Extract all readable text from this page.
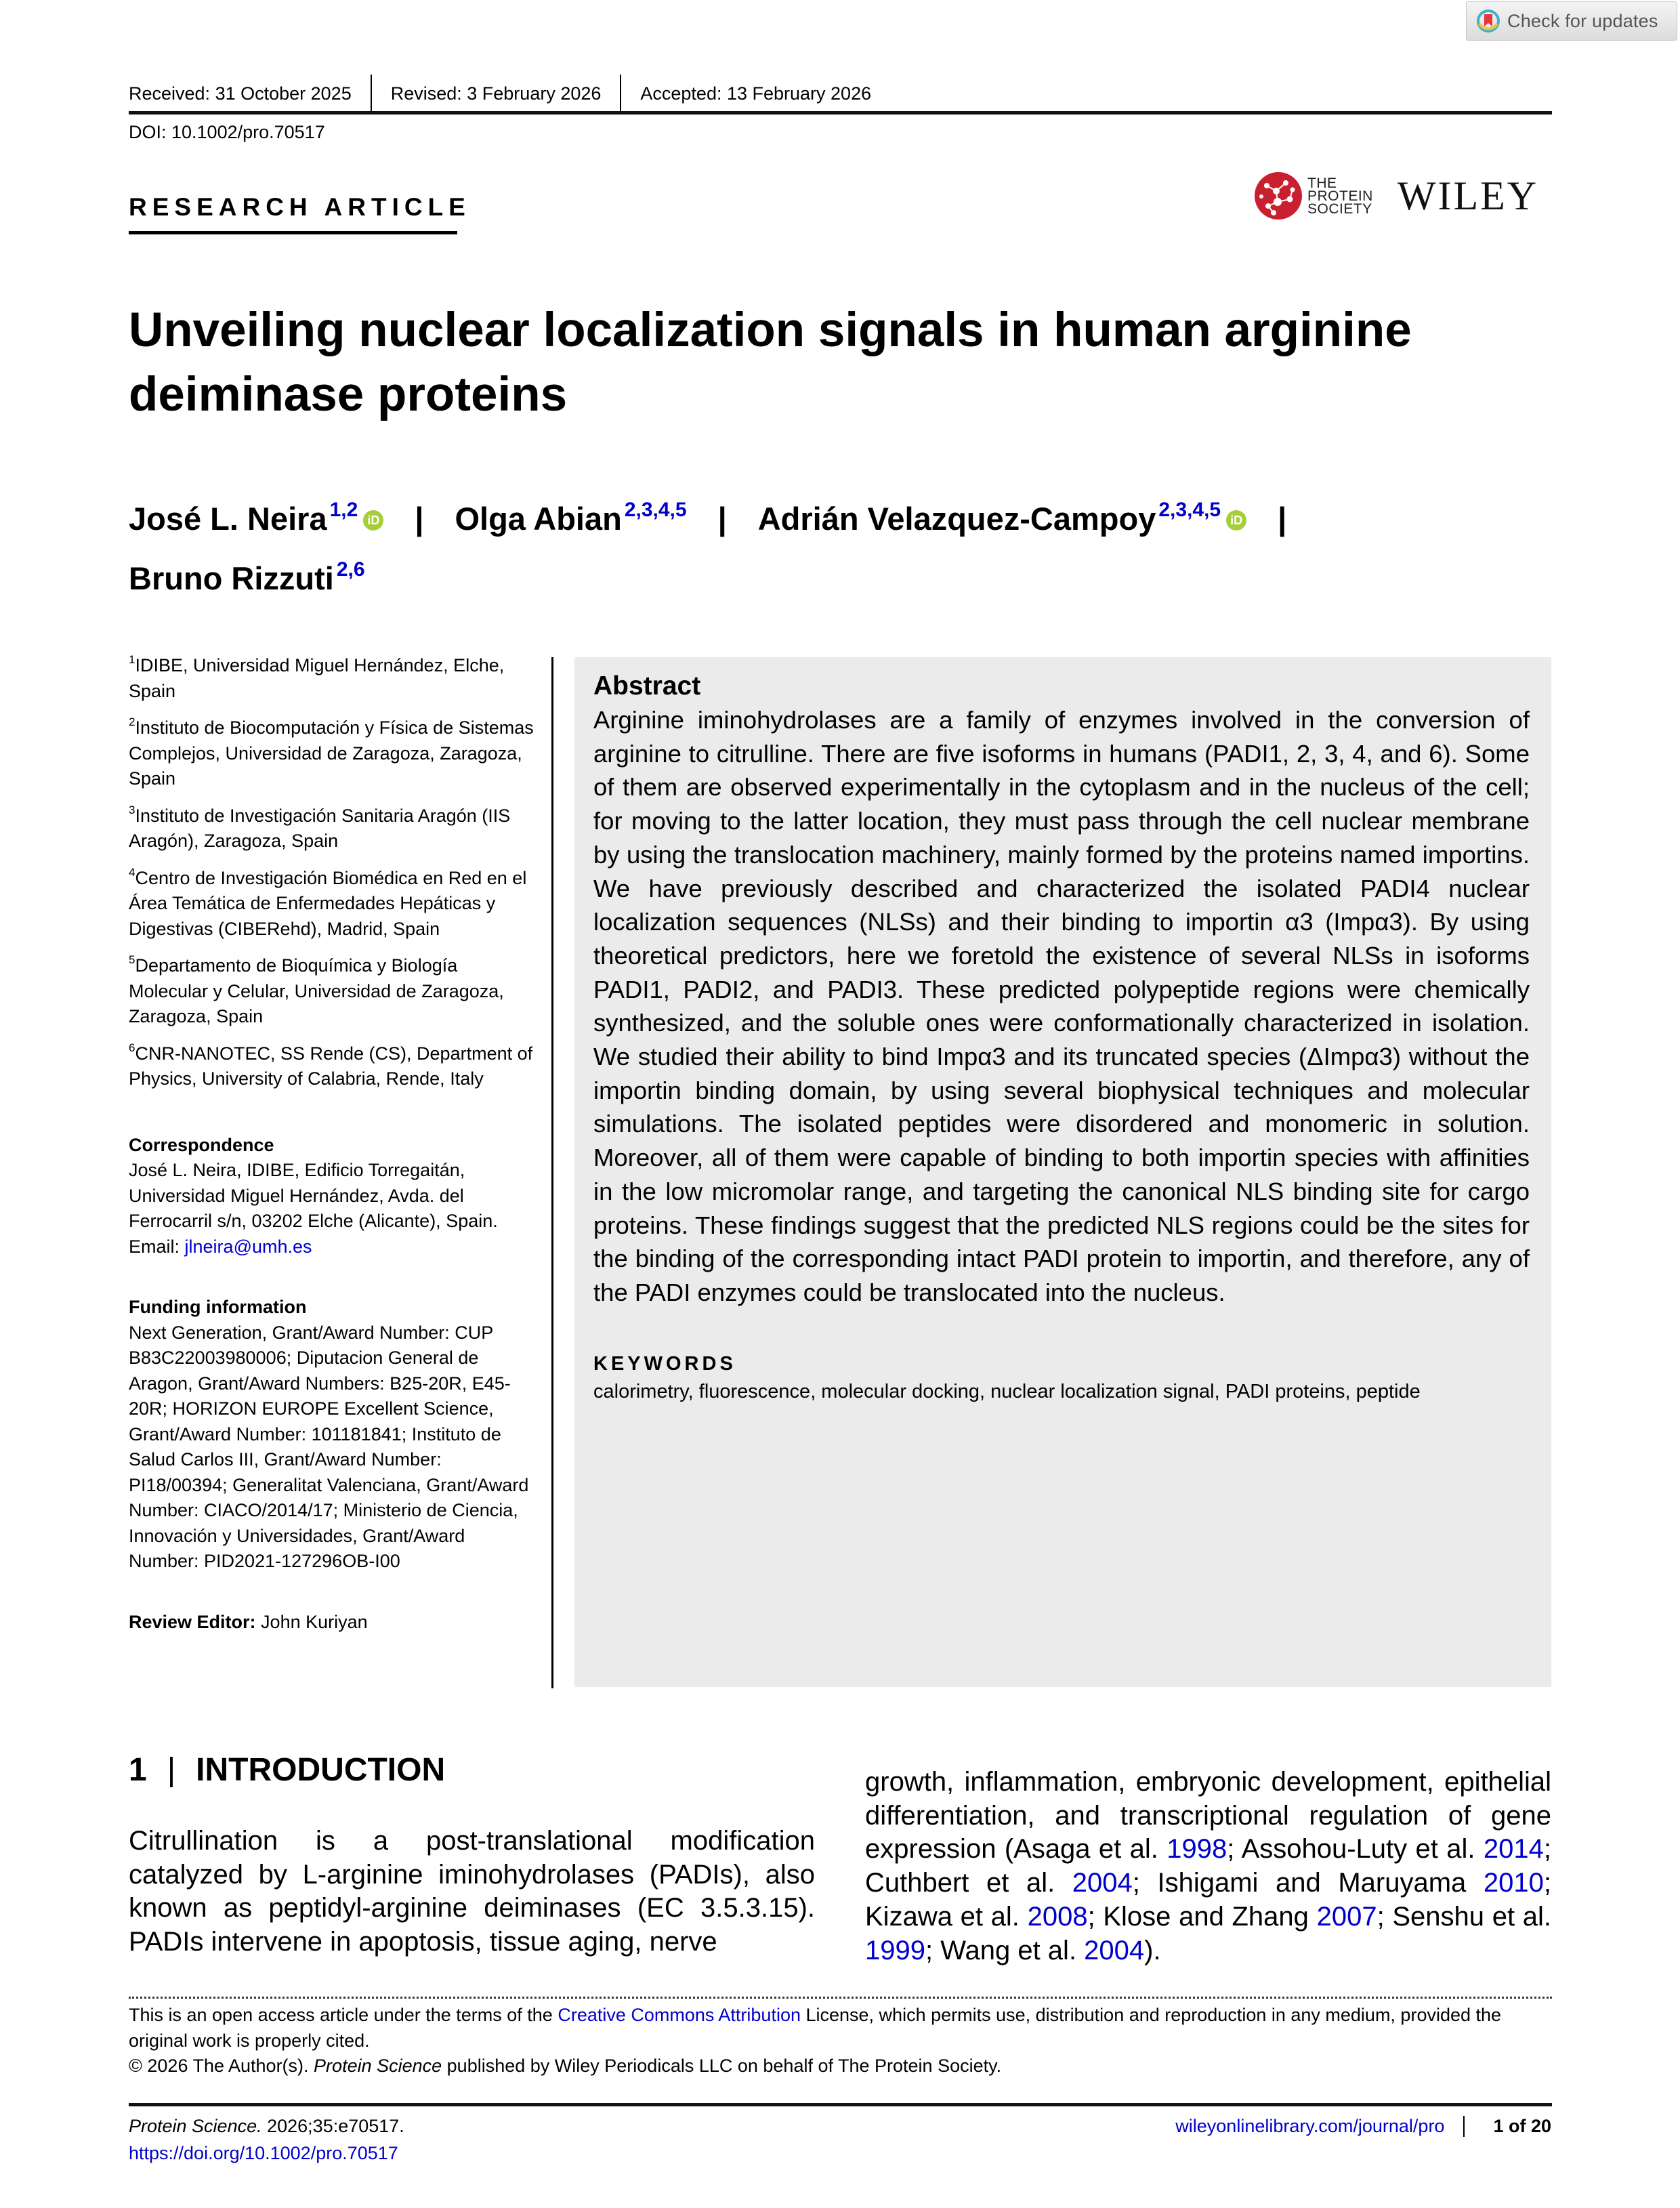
Check for updates
Received: 31 October 2025	Revised: 3 February 2026	Accepted: 13 February 2026
DOI: 10.1002/pro.70517
RESEARCH ARTICLE
THE
PROTEIN
SOCIETY WILEY
Unveiling nuclear localization signals in human arginine deiminase proteins
José L. Neira $^{1,2}$ iD | Olga Abian $^{2,3,4,5}$ | Adrián Velazquez-Campoy $^{2,3,4,5}$ iD |
Bruno Rizzuti $^{2,6}$
$^1$IDIBE, Universidad Miguel Hernández, Elche, Spain
$^2$Instituto de Biocomputación y Física de Sistemas Complejos, Universidad de Zaragoza, Zaragoza, Spain
$^3$Instituto de Investigación Sanitaria Aragón (IIS Aragón), Zaragoza, Spain
$^4$Centro de Investigación Biomédica en Red en el Área Temática de Enfermedades Hepáticas y Digestivas (CIBERehd), Madrid, Spain
$^5$Departamento de Bioquímica y Biología Molecular y Celular, Universidad de Zaragoza, Zaragoza, Spain
$^6$CNR-NANOTEC, SS Rende (CS), Department of Physics, University of Calabria, Rende, Italy
Correspondence
José L. Neira, IDIBE, Edificio Torregaitán, Universidad Miguel Hernández, Avda. del Ferrocarril s/n, 03202 Elche (Alicante), Spain. Email: jlneira@umh.es
Funding information
Next Generation, Grant/Award Number: CUP B83C22003980006; Diputacion General de Aragon, Grant/Award Numbers: B25-20R, E45-20R; HORIZON EUROPE Excellent Science, Grant/Award Number: 101181841; Instituto de Salud Carlos III, Grant/Award Number: PI18/00394; Generalitat Valenciana, Grant/Award Number: CIACO/2014/17; Ministerio de Ciencia, Innovación y Universidades, Grant/Award Number: PID2021-127296OB-I00
Review Editor: John Kuriyan
Abstract

Arginine iminohydrolases are a family of enzymes involved in the conversion of arginine to citrulline. There are five isoforms in humans (PADI1, 2, 3, 4, and 6). Some of them are observed experimentally in the cytoplasm and in the nucleus of the cell; for moving to the latter location, they must pass through the cell nuclear membrane by using the translocation machinery, mainly formed by the proteins named importins. We have previously described and characterized the isolated PADI4 nuclear localization sequences (NLSs) and their binding to importin α3 (Impα3). By using theoretical predictors, here we foretold the existence of several NLSs in isoforms PADI1, PADI2, and PADI3. These predicted polypeptide regions were chemically synthesized, and the soluble ones were conformationally characterized in isolation. We studied their ability to bind Impα3 and its truncated species (ΔImpα3) without the importin binding domain, by using several biophysical techniques and molecular simulations. The isolated peptides were disordered and monomeric in solution. Moreover, all of them were capable of binding to both importin species with affinities in the low micromolar range, and targeting the canonical NLS binding site for cargo proteins. These findings suggest that the predicted NLS regions could be the sites for the binding of the corresponding intact PADI protein to importin, and therefore, any of the PADI enzymes could be translocated into the nucleus.

KEYWORDS
calorimetry, fluorescence, molecular docking, nuclear localization signal, PADI proteins, peptide
1 | INTRODUCTION

Citrullination is a post-translational modification catalyzed by L-arginine iminohydrolases (PADIs), also known as peptidyl-arginine deiminases (EC 3.5.3.15). PADIs intervene in apoptosis, tissue aging, nerve

growth, inflammation, embryonic development, epithelial differentiation, and transcriptional regulation of gene expression (Asaga et al. 1998; Assohou-Luty et al. 2014; Cuthbert et al. 2004; Ishigami and Maruyama 2010; Kizawa et al. 2008; Klose and Zhang 2007; Senshu et al. 1999; Wang et al. 2004).

This is an open access article under the terms of the Creative Commons Attribution License, which permits use, distribution and reproduction in any medium, provided the original work is properly cited.
© 2026 The Author(s). Protein Science published by Wiley Periodicals LLC on behalf of The Protein Society.
Protein Science. 2026;35:e70517.
https://doi.org/10.1002/pro.70517
wileyonlinelibrary.com/journal/pro	1 of 20
